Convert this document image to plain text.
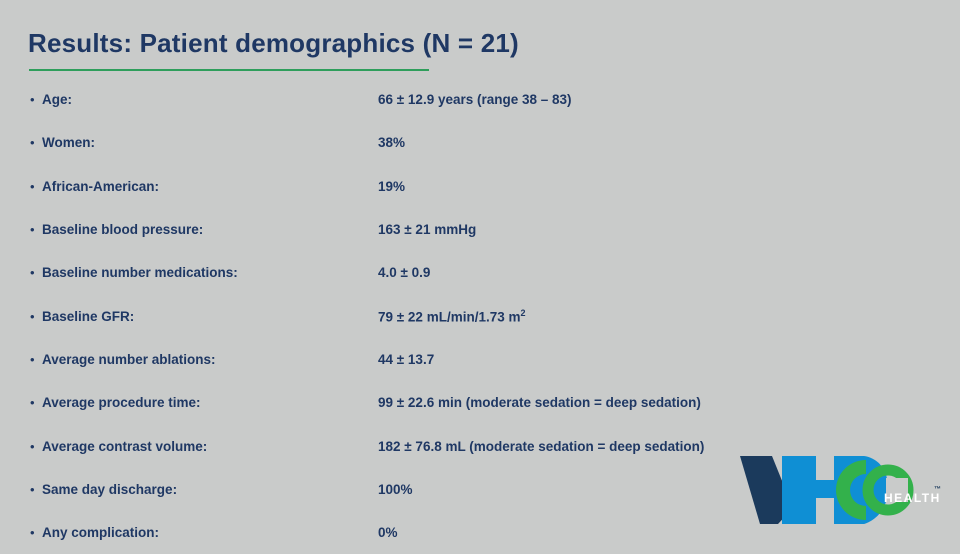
Results: Patient demographics (N = 21)
• Age:	66 ± 12.9 years (range 38 – 83)
• Women:	38%
• African-American:	19%
• Baseline blood pressure:	163 ± 21 mmHg
• Baseline number medications:	4.0 ± 0.9
• Baseline GFR:	79 ± 22 mL/min/1.73 $m^2$
• Average number ablations:	44 ± 13.7
• Average procedure time:	99 ± 22.6 min (moderate sedation = deep sedation)
• Average contrast volume:	182 ± 76.8 mL (moderate sedation = deep sedation)
• Same day discharge:	100%
• Any complication:	0%
HEALTH
™
